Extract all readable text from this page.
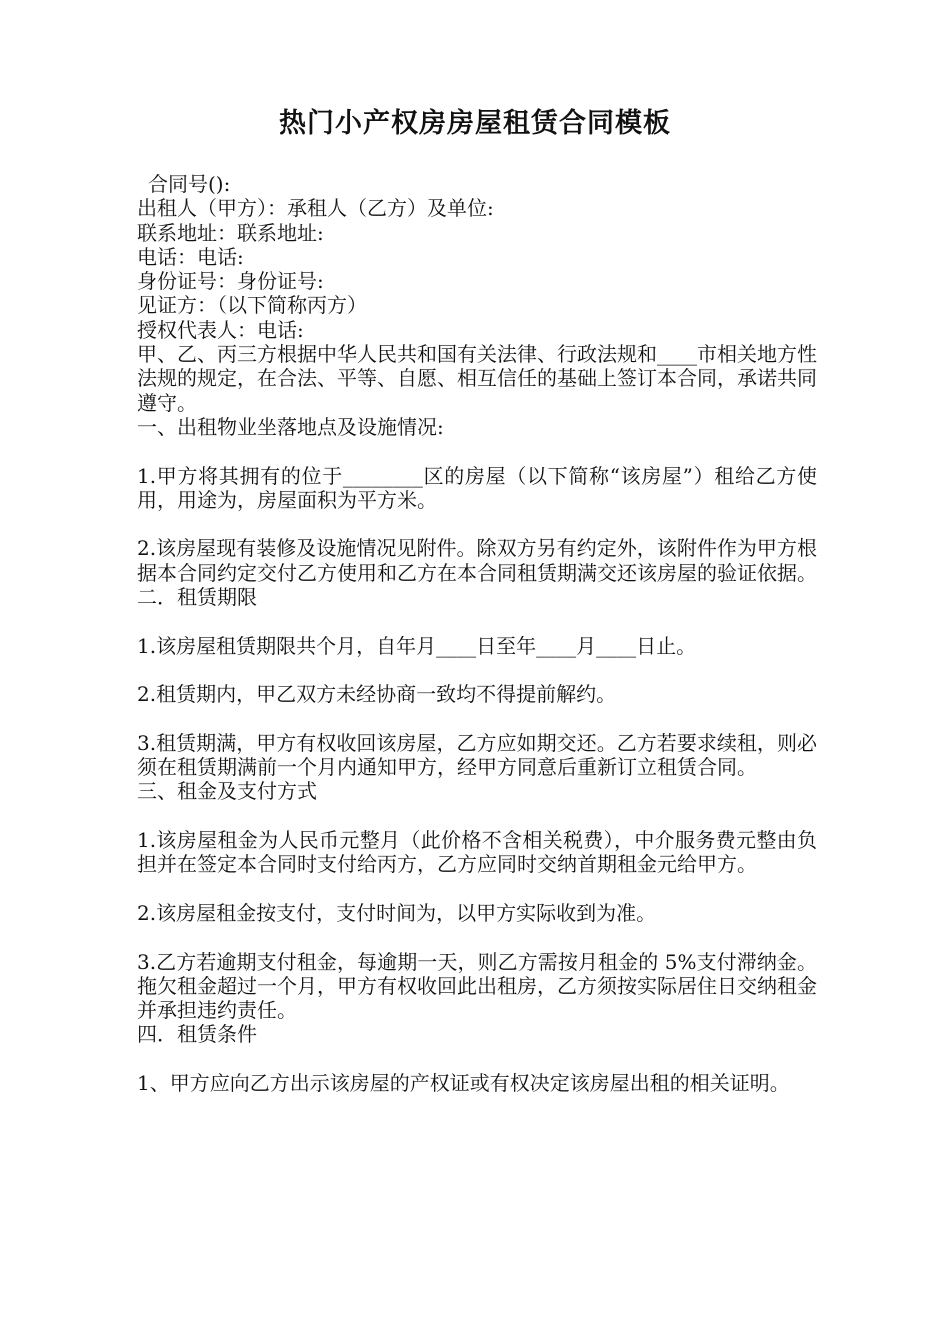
热门小产权房房屋租赁合同模板
合同号():
出租人（甲方）：承租人（乙方）及单位:
联系地址：联系地址:
电话：电话:
身份证号：身份证号:
见证方：（以下简称丙方）
授权代表人：电话:
甲、乙、丙三方根据中华人民共和国有关法律、行政法规和____市相关地方性法规的规定，在合法、平等、自愿、相互信任的基础上签订本合同，承诺共同遵守。
一、出租物业坐落地点及设施情况:
1.甲方将其拥有的位于________区的房屋（以下简称“该房屋”）租给乙方使用，用途为，房屋面积为平方米。
2.该房屋现有装修及设施情况见附件。除双方另有约定外，该附件作为甲方根据本合同约定交付乙方使用和乙方在本合同租赁期满交还该房屋的验证依据。
二．租赁期限
1.该房屋租赁期限共个月，自年月____日至年____月____日止。
2.租赁期内，甲乙双方未经协商一致均不得提前解约。
3.租赁期满，甲方有权收回该房屋，乙方应如期交还。乙方若要求续租，则必须在租赁期满前一个月内通知甲方，经甲方同意后重新订立租赁合同。
三、租金及支付方式
1.该房屋租金为人民币元整月（此价格不含相关税费），中介服务费元整由负担并在签定本合同时支付给丙方，乙方应同时交纳首期租金元给甲方。
2.该房屋租金按支付，支付时间为，以甲方实际收到为准。
3.乙方若逾期支付租金，每逾期一天，则乙方需按月租金的 5%支付滞纳金。拖欠租金超过一个月，甲方有权收回此出租房，乙方须按实际居住日交纳租金并承担违约责任。
四．租赁条件
1、甲方应向乙方出示该房屋的产权证或有权决定该房屋出租的相关证明。
